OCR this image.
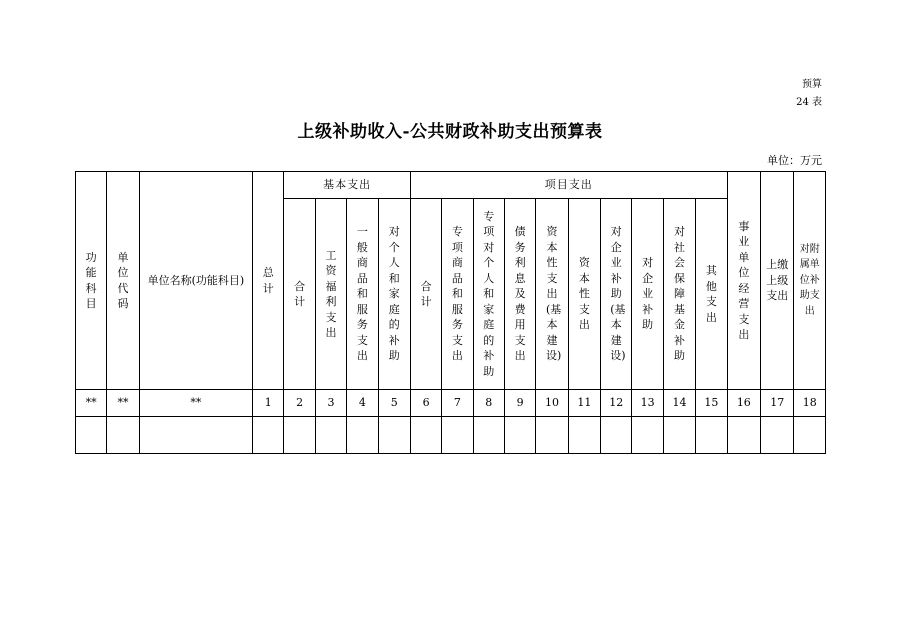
预算
24 表
上级补助收入-公共财政补助支出预算表
单位：万元
功能科目	单位代码	单位名称(功能科目)	总计	基本支出				项目支出										事业单位经营支出	上缴上级支出	对附属单位补助支出
				合计	工资福利支出	一般商品和服务支出	对个人和家庭的补助	合计	专项商品和服务支出	专项对个人和家庭的补助	债务利息及费用支出	资本性支出(基本建设)	资本性支出	对企业补助(基本建设)	对企业补助	对社会保障基金补助	其他支出			
**	**	**	1	2	3	4	5	6	7	8	9	10	11	12	13	14	15	16	17	18
